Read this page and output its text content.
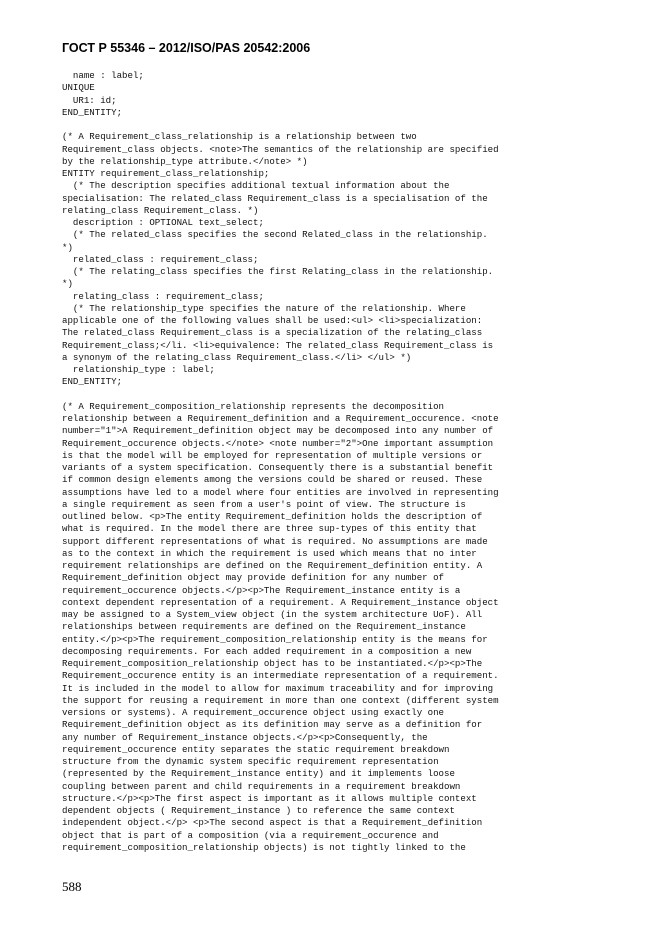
ГОСТ Р 55346 – 2012/ISO/PAS 20542:2006
name : label;
UNIQUE
UR1: id;
END_ENTITY;
(* A Requirement_class_relationship is a relationship between two
Requirement_class objects. <note>The semantics of the relationship are specified
by the relationship_type attribute.</note> *)
ENTITY requirement_class_relationship;
(* The description specifies additional textual information about the
specialisation: The related_class Requirement_class is a specialisation of the
relating_class Requirement_class. *)
description : OPTIONAL text_select;
(* The related_class specifies the second Related_class in the relationship.
*)
related_class : requirement_class;
(* The relating_class specifies the first Relating_class in the relationship.
*)
relating_class : requirement_class;
(* The relationship_type specifies the nature of the relationship. Where
applicable one of the following values shall be used:<ul> <li>specialization:
The related_class Requirement_class is a specialization of the relating_class
Requirement_class;</li. <li>equivalence: The related_class Requirement_class is
a synonym of the relating_class Requirement_class.</li> </ul> *)
relationship_type : label;
END_ENTITY;
(* A Requirement_composition_relationship represents the decomposition
relationship between a Requirement_definition and a Requirement_occurence. <note
number="1">A Requirement_definition object may be decomposed into any number of
Requirement_occurence objects.</note> <note number="2">One important assumption
is that the model will be employed for representation of multiple versions or
variants of a system specification. Consequently there is a substantial benefit
if common design elements among the versions could be shared or reused. These
assumptions have led to a model where four entities are involved in representing
a single requirement as seen from a user's point of view. The structure is
outlined below. <p>The entity Requirement_definition holds the description of
what is required. In the model there are three sup-types of this entity that
support different representations of what is required. No assumptions are made
as to the context in which the requirement is used which means that no inter
requirement relationships are defined on the Requirement_definition entity. A
Requirement_definition object may provide definition for any number of
requirement_occurence objects.</p><p>The Requirement_instance entity is a
context dependent representation of a requirement. A Requirement_instance object
may be assigned to a System_view object (in the system architecture UoF). All
relationships between requirements are defined on the Requirement_instance
entity.</p><p>The requirement_composition_relationship entity is the means for
decomposing requirements. For each added requirement in a composition a new
Requirement_composition_relationship object has to be instantiated.</p><p>The
Requirement_occurence entity is an intermediate representation of a requirement.
It is included in the model to allow for maximum traceability and for improving
the support for reusing a requirement in more than one context (different system
versions or systems). A requirement_occurence object using exactly one
Requirement_definition object as its definition may serve as a definition for
any number of Requirement_instance objects.</p><p>Consequently, the
requirement_occurence entity separates the static requirement breakdown
structure from the dynamic system specific requirement representation
(represented by the Requirement_instance entity) and it implements loose
coupling between parent and child requirements in a requirement breakdown
structure.</p><p>The first aspect is important as it allows multiple context
dependent objects ( Requirement_instance ) to reference the same context
independent object.</p> <p>The second aspect is that a Requirement_definition
object that is part of a composition (via a requirement_occurence and
requirement_composition_relationship objects) is not tightly linked to the
588
